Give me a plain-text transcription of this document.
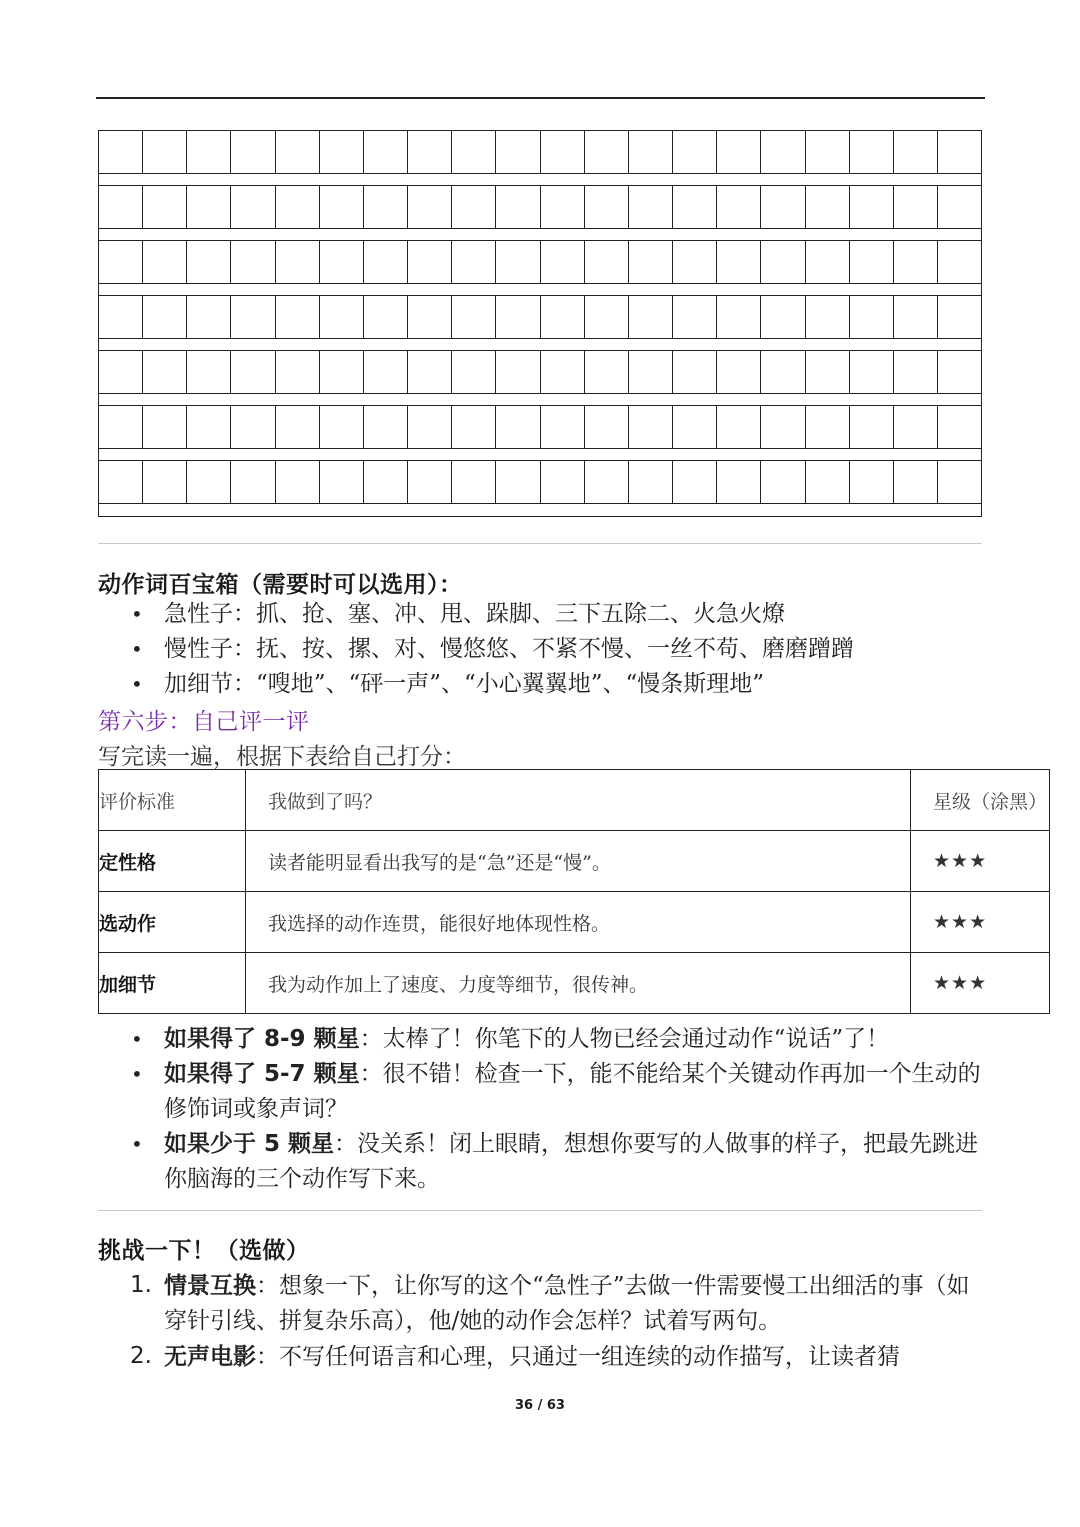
动作词百宝箱（需要时可以选用）：
• 急性子：抓、抢、塞、冲、甩、跺脚、三下五除二、火急火燎
• 慢性子：抚、按、摞、对、慢悠悠、不紧不慢、一丝不苟、磨磨蹭蹭
• 加细节：“嗖地”、“砰一声”、“小心翼翼地”、“慢条斯理地”
第六步：自己评一评
写完读一遍，根据下表给自己打分：
评价标准	我做到了吗？	星级（涂黑）
定性格	读者能明显看出我写的是“急”还是“慢”。	★★★
选动作	我选择的动作连贯，能很好地体现性格。	★★★
加细节	我为动作加上了速度、力度等细节，很传神。	★★★
• 如果得了 8-9 颗星：太棒了！你笔下的人物已经会通过动作“说话”了！
• 如果得了 5-7 颗星：很不错！检查一下，能不能给某个关键动作再加一个生动的修饰词或象声词？
• 如果少于 5 颗星：没关系！闭上眼睛，想想你要写的人做事的样子，把最先跳进你脑海的三个动作写下来。
挑战一下！（选做）
1. 情景互换：想象一下，让你写的这个“急性子”去做一件需要慢工出细活的事（如穿针引线、拼复杂乐高），他/她的动作会怎样？试着写两句。
2. 无声电影：不写任何语言和心理，只通过一组连续的动作描写，让读者猜
36 / 63
